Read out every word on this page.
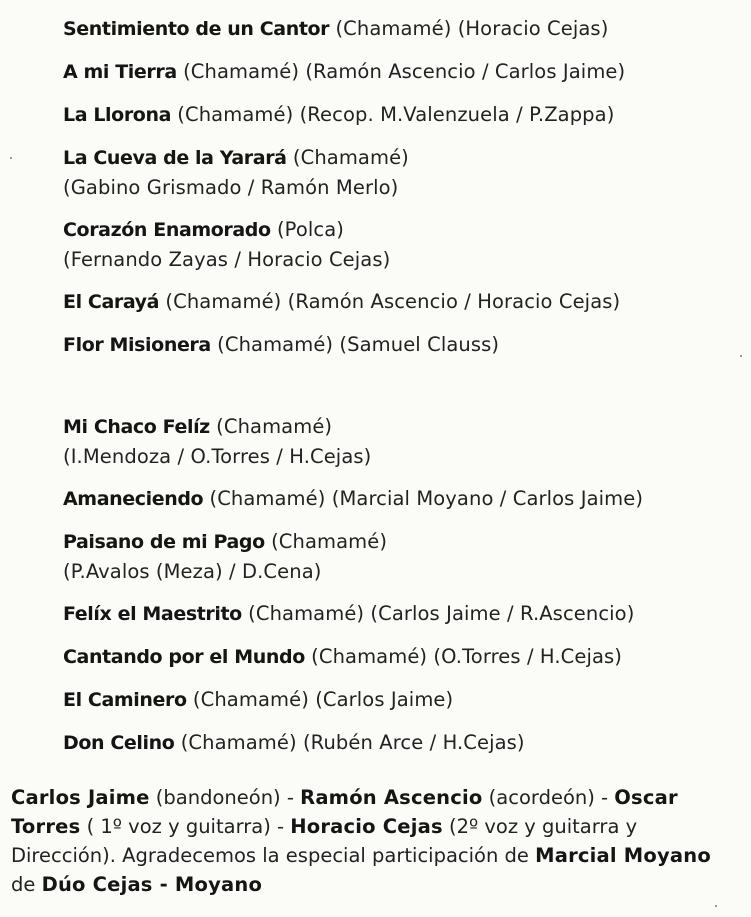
Sentimiento de un Cantor (Chamamé) (Horacio Cejas)

A mi Tierra (Chamamé) (Ramón Ascencio / Carlos Jaime)

La Llorona (Chamamé) (Recop. M.Valenzuela / P.Zappa)

La Cueva de la Yarará (Chamamé)
(Gabino Grismado / Ramón Merlo)

Corazón Enamorado (Polca)
(Fernando Zayas / Horacio Cejas)

El Carayá (Chamamé) (Ramón Ascencio / Horacio Cejas)

Flor Misionera (Chamamé) (Samuel Clauss)

Mi Chaco Felíz (Chamamé)
(I.Mendoza / O.Torres / H.Cejas)

Amaneciendo (Chamamé) (Marcial Moyano / Carlos Jaime)

Paisano de mi Pago (Chamamé)
(P.Avalos (Meza) / D.Cena)

Felíx el Maestrito (Chamamé) (Carlos Jaime / R.Ascencio)

Cantando por el Mundo (Chamamé) (O.Torres / H.Cejas)

El Caminero (Chamamé) (Carlos Jaime)

Don Celino (Chamamé) (Rubén Arce / H.Cejas)

Carlos Jaime (bandoneón) - Ramón Ascencio (acordeón) - Oscar Torres ( 1º voz y guitarra) - Horacio Cejas (2º voz y guitarra y Dirección). Agradecemos la especial participación de Marcial Moyano de Dúo Cejas - Moyano
